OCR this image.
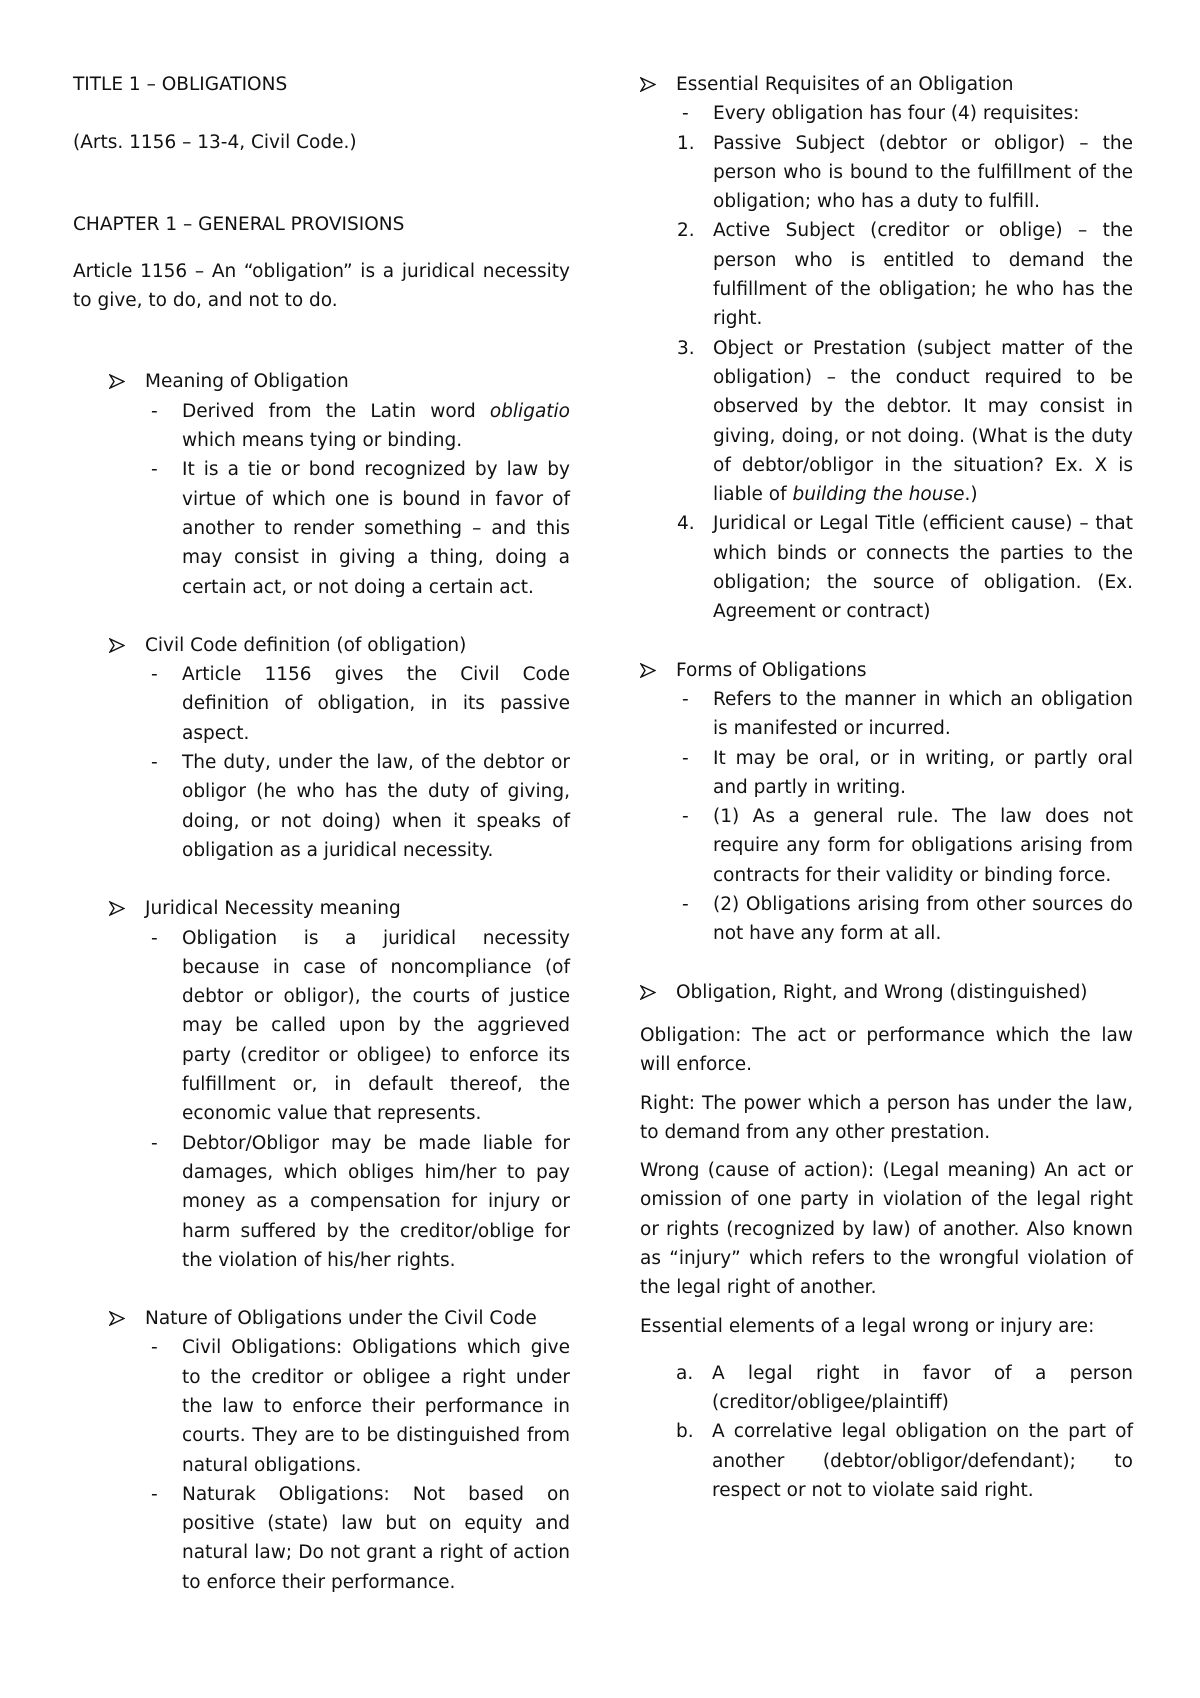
TITLE 1 – OBLIGATIONS

(Arts. 1156 – 13-4, Civil Code.)

CHAPTER 1 – GENERAL PROVISIONS

Article 1156 – An “obligation” is a juridical necessity to give, to do, and not to do.

Meaning of Obligation

- Derived from the Latin word obligatio which means tying or binding.

- It is a tie or bond recognized by law by virtue of which one is bound in favor of another to render something – and this may consist in giving a thing, doing a certain act, or not doing a certain act.

Civil Code definition (of obligation)

- Article 1156 gives the Civil Code definition of obligation, in its passive aspect.

- The duty, under the law, of the debtor or obligor (he who has the duty of giving, doing, or not doing) when it speaks of obligation as a juridical necessity.

Juridical Necessity meaning

- Obligation is a juridical necessity because in case of noncompliance (of debtor or obligor), the courts of justice may be called upon by the aggrieved party (creditor or obligee) to enforce its fulfillment or, in default thereof, the economic value that represents.

- Debtor/Obligor may be made liable for damages, which obliges him/her to pay money as a compensation for injury or harm suffered by the creditor/oblige for the violation of his/her rights.

Nature of Obligations under the Civil Code

- Civil Obligations: Obligations which give to the creditor or obligee a right under the law to enforce their performance in courts. They are to be distinguished from natural obligations.

- Naturak Obligations: Not based on positive (state) law but on equity and natural law; Do not grant a right of action to enforce their performance.

Essential Requisites of an Obligation

- Every obligation has four (4) requisites:

1. Passive Subject (debtor or obligor) – the person who is bound to the fulfillment of the obligation; who has a duty to fulfill.

2. Active Subject (creditor or oblige) – the person who is entitled to demand the fulfillment of the obligation; he who has the right.

3. Object or Prestation (subject matter of the obligation) – the conduct required to be observed by the debtor. It may consist in giving, doing, or not doing. (What is the duty of debtor/obligor in the situation? Ex. X is liable of building the house.)

4. Juridical or Legal Title (efficient cause) – that which binds or connects the parties to the obligation; the source of obligation. (Ex. Agreement or contract)

Forms of Obligations

- Refers to the manner in which an obligation is manifested or incurred.

- It may be oral, or in writing, or partly oral and partly in writing.

- (1) As a general rule. The law does not require any form for obligations arising from contracts for their validity or binding force.

- (2) Obligations arising from other sources do not have any form at all.

Obligation, Right, and Wrong (distinguished)

Obligation: The act or performance which the law will enforce.

Right: The power which a person has under the law, to demand from any other prestation.

Wrong (cause of action): (Legal meaning) An act or omission of one party in violation of the legal right or rights (recognized by law) of another. Also known as “injury” which refers to the wrongful violation of the legal right of another.

Essential elements of a legal wrong or injury are:

a. A legal right in favor of a person (creditor/obligee/plaintiff)

b. A correlative legal obligation on the part of another (debtor/obligor/defendant); to respect or not to violate said right.
